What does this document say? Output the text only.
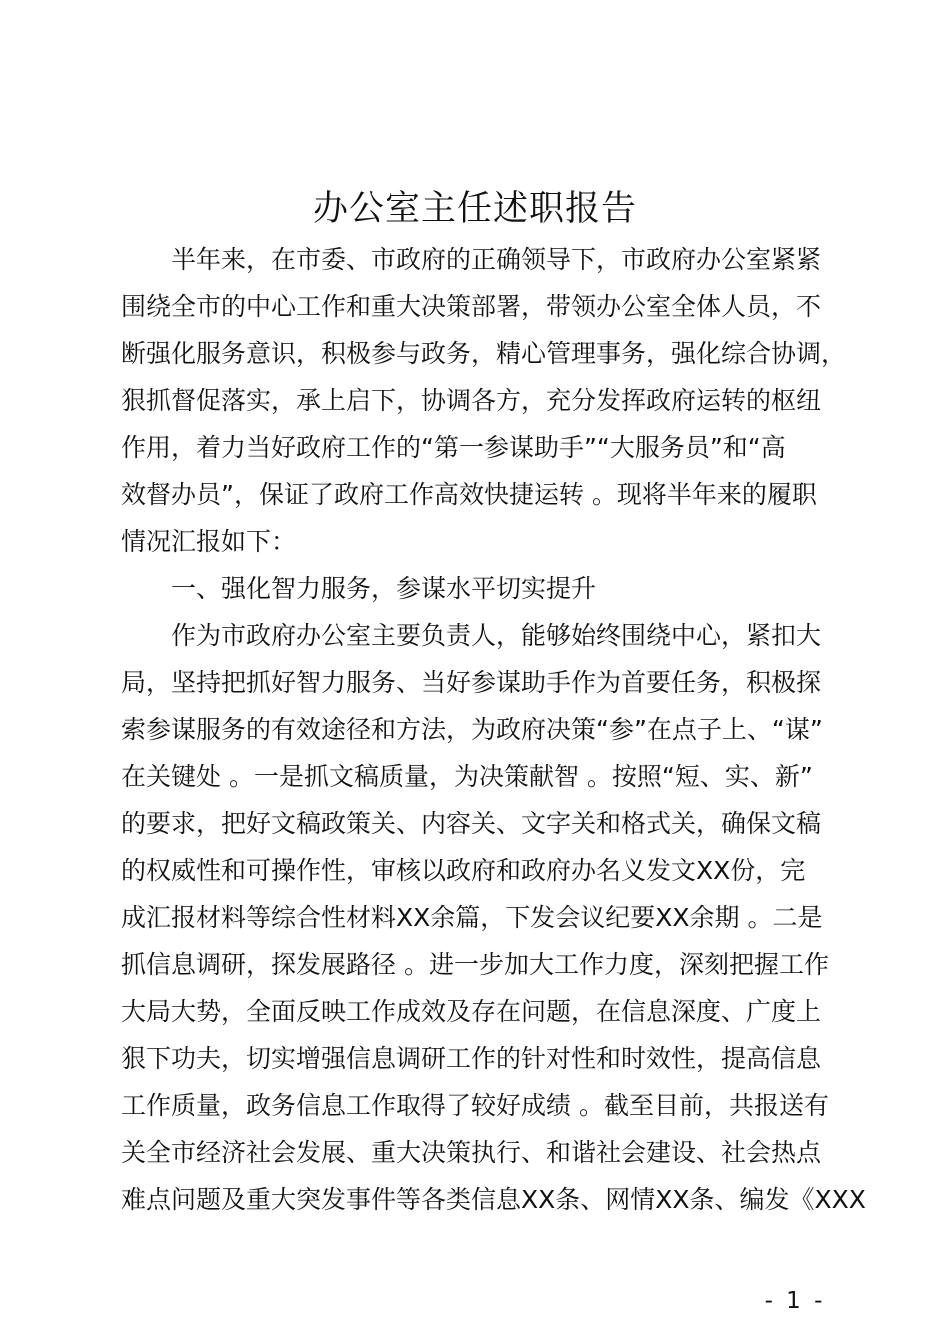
办公室主任述职报告
　　半年来，在市委、市政府的正确领导下，市政府办公室紧紧
围绕全市的中心工作和重大决策部署，带领办公室全体人员，不
断强化服务意识，积极参与政务，精心管理事务，强化综合协调，
狠抓督促落实，承上启下，协调各方，充分发挥政府运转的枢纽
作用，着力当好政府工作的“第一参谋助手”“大服务员”和“高
效督办员”，保证了政府工作高效快捷运转 。现将半年来的履职
情况汇报如下：
　　一、强化智力服务，参谋水平切实提升
　　作为市政府办公室主要负责人，能够始终围绕中心，紧扣大
局，坚持把抓好智力服务、当好参谋助手作为首要任务，积极探
索参谋服务的有效途径和方法，为政府决策“参”在点子上、“谋”
在关键处 。一是抓文稿质量，为决策献智 。按照“短、实、新”
的要求，把好文稿政策关、内容关、文字关和格式关，确保文稿
的权威性和可操作性，审核以政府和政府办名义发文XX份，完
成汇报材料等综合性材料XX余篇，下发会议纪要XX余期 。二是
抓信息调研，探发展路径 。进一步加大工作力度，深刻把握工作
大局大势，全面反映工作成效及存在问题，在信息深度、广度上
狠下功夫，切实增强信息调研工作的针对性和时效性，提高信息
工作质量，政务信息工作取得了较好成绩 。截至目前，共报送有
关全市经济社会发展、重大决策执行、和谐社会建设、社会热点
难点问题及重大突发事件等各类信息XX条、网情XX条、编发《XXX
- 1 -
